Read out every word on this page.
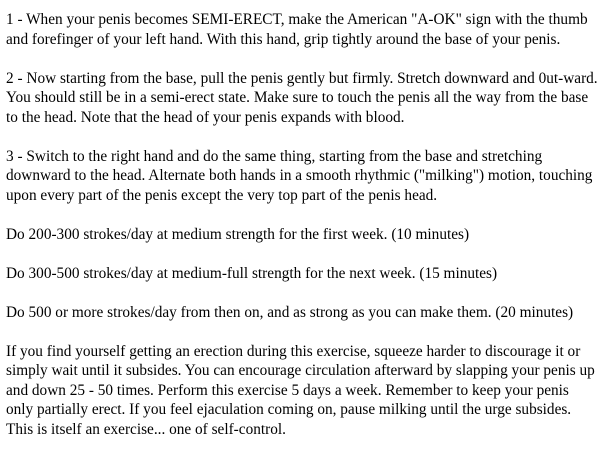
1 - When your penis becomes SEMI-ERECT, make the American "A-OK" sign with the thumb and forefinger of your left hand. With this hand, grip tightly around the base of your penis.

2 - Now starting from the base, pull the penis gently but firmly. Stretch downward and 0ut-ward. You should still be in a semi-erect state. Make sure to touch the penis all the way from the base to the head. Note that the head of your penis expands with blood.

3 - Switch to the right hand and do the same thing, starting from the base and stretching downward to the head. Alternate both hands in a smooth rhythmic ("milking") motion, touching upon every part of the penis except the very top part of the penis head.

Do 200-300 strokes/day at medium strength for the first week. (10 minutes)

Do 300-500 strokes/day at medium-full strength for the next week. (15 minutes)

Do 500 or more strokes/day from then on, and as strong as you can make them. (20 minutes)

If you find yourself getting an erection during this exercise, squeeze harder to discourage it or simply wait until it subsides. You can encourage circulation afterward by slapping your penis up and down 25 - 50 times. Perform this exercise 5 days a week. Remember to keep your penis only partially erect. If you feel ejaculation coming on, pause milking until the urge subsides. This is itself an exercise... one of self-control.
